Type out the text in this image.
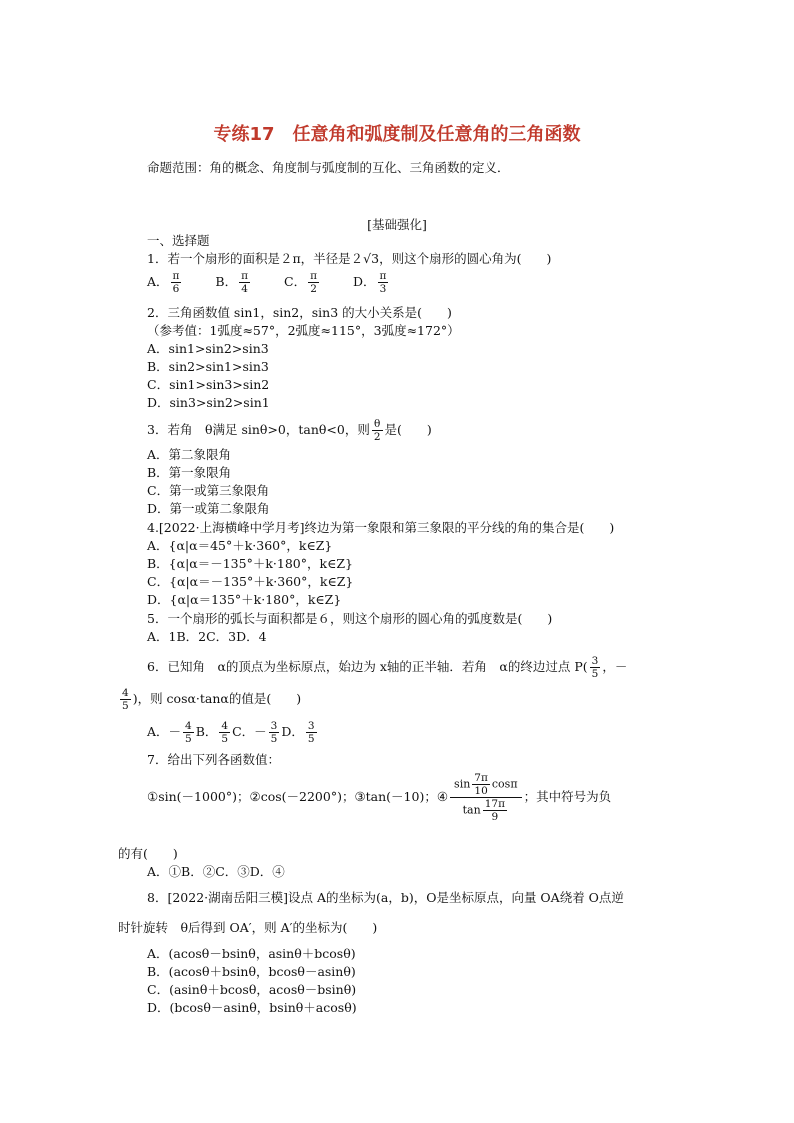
专练17　任意角和弧度制及任意角的三角函数
命题范围：角的概念、角度制与弧度制的互化、三角函数的定义．
[基础强化]
一、选择题
1．若一个扇形的面积是２π，半径是２√3，则这个扇形的圆心角为(　　)
A． $\frac{\pi}{6}$	B． $\frac{\pi}{4}$	C． $\frac{\pi}{2}$	D． $\frac{\pi}{3}$
2．三角函数值 sin1，sin2，sin3 的大小关系是(　　)
（参考值：1弧度≈57°，2弧度≈115°，3弧度≈172°）
A．sin1>sin2>sin3
B．sin2>sin1>sin3
C．sin1>sin3>sin2
D．sin3>sin2>sin1
3．若角　θ满足 sinθ>0，tanθ<0，则 $\frac{\theta}{2}$ 是(　　)
A．第二象限角
B．第一象限角
C．第一或第三象限角
D．第一或第二象限角
4.[2022·上海横峰中学月考]终边为第一象限和第三象限的平分线的角的集合是(　　)
A．{α|α＝45°＋k·360°，k∈Z}
B．{α|α＝－135°＋k·180°，k∈Z}
C．{α|α＝－135°＋k·360°，k∈Z}
D．{α|α＝135°＋k·180°，k∈Z}
5．一个扇形的弧长与面积都是６，则这个扇形的圆心角的弧度数是(　　)
A．1B．2C．3D．4
6．已知角　α的顶点为坐标原点，始边为 x轴的正半轴．若角　α的终边过点 $P( \frac{3}{5}$ ，－
$\frac{4}{5}$ )，则 cosα·tanα的值是(　　)
A．－ $\frac{4}{5}$ B． $\frac{4}{5}$ C．－ $\frac{3}{5}$ D． $\frac{3}{5}$
7．给出下列各函数值：
①sin(－1000°)；②cos(－2200°)；③tan(－10)；④ $\frac{\sin \frac{7\pi}{10} \cos\pi}{\tan \frac{17\pi}{9}}$ ；其中符号为负
的有(　　)
A．①B．②C．③D．④
8．[2022·湖南岳阳三模]设点 A的坐标为(a，b)，O是坐标原点，向量 OA绕着 O点逆
时针旋转　θ后得到 OA′，则 A′的坐标为(　　)
A．(acosθ－bsinθ，asinθ＋bcosθ)
B．(acosθ＋bsinθ，bcosθ－asinθ)
C．(asinθ＋bcosθ，acosθ－bsinθ)
D．(bcosθ－asinθ，bsinθ＋acosθ)
